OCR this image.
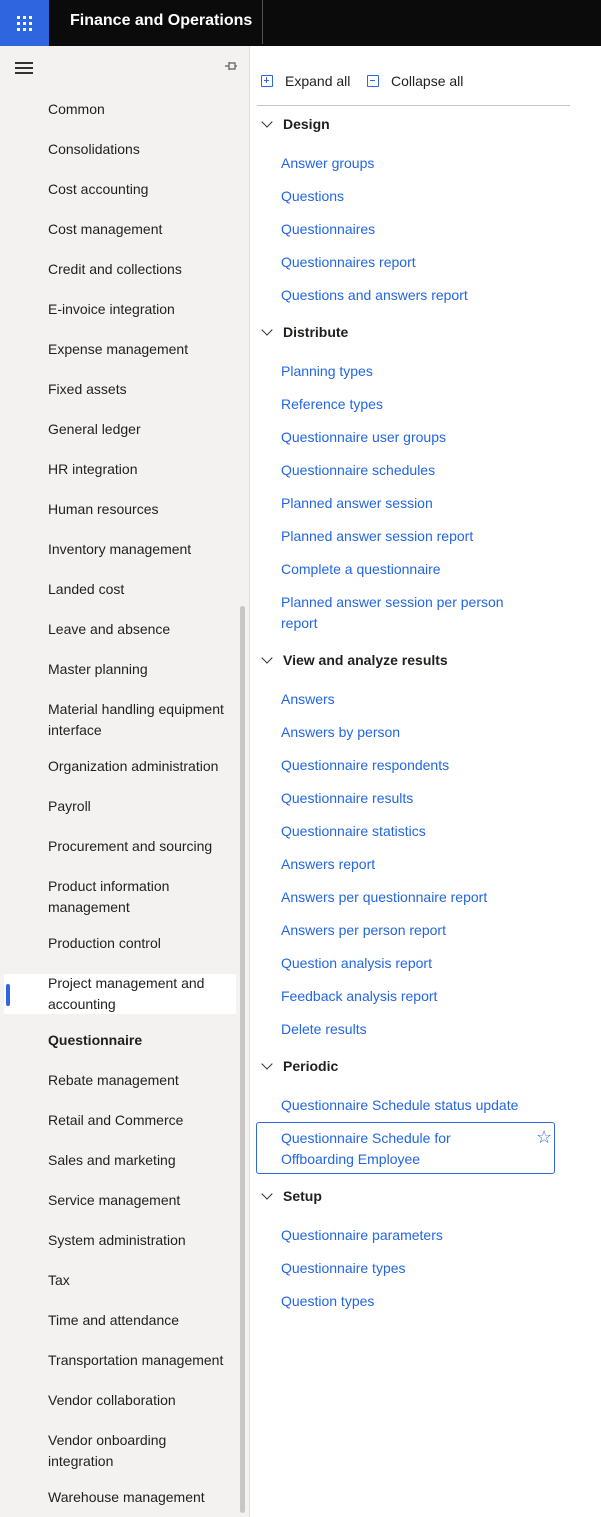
Finance and Operations
Common
Consolidations
Cost accounting
Cost management
Credit and collections
E-invoice integration
Expense management
Fixed assets
General ledger
HR integration
Human resources
Inventory management
Landed cost
Leave and absence
Master planning
Material handling equipment interface
Organization administration
Payroll
Procurement and sourcing
Product information management
Production control
Project management and accounting
Questionnaire
Rebate management
Retail and Commerce
Sales and marketing
Service management
System administration
Tax
Time and attendance
Transportation management
Vendor collaboration
Vendor onboarding integration
Warehouse management
Expand all	Collapse all
Design
Answer groups
Questions
Questionnaires
Questionnaires report
Questions and answers report
Distribute
Planning types
Reference types
Questionnaire user groups
Questionnaire schedules
Planned answer session
Planned answer session report
Complete a questionnaire
Planned answer session per person report
View and analyze results
Answers
Answers by person
Questionnaire respondents
Questionnaire results
Questionnaire statistics
Answers report
Answers per questionnaire report
Answers per person report
Question analysis report
Feedback analysis report
Delete results
Periodic
Questionnaire Schedule status update
Questionnaire Schedule for Offboarding Employee
☆
Setup
Questionnaire parameters
Questionnaire types
Question types
